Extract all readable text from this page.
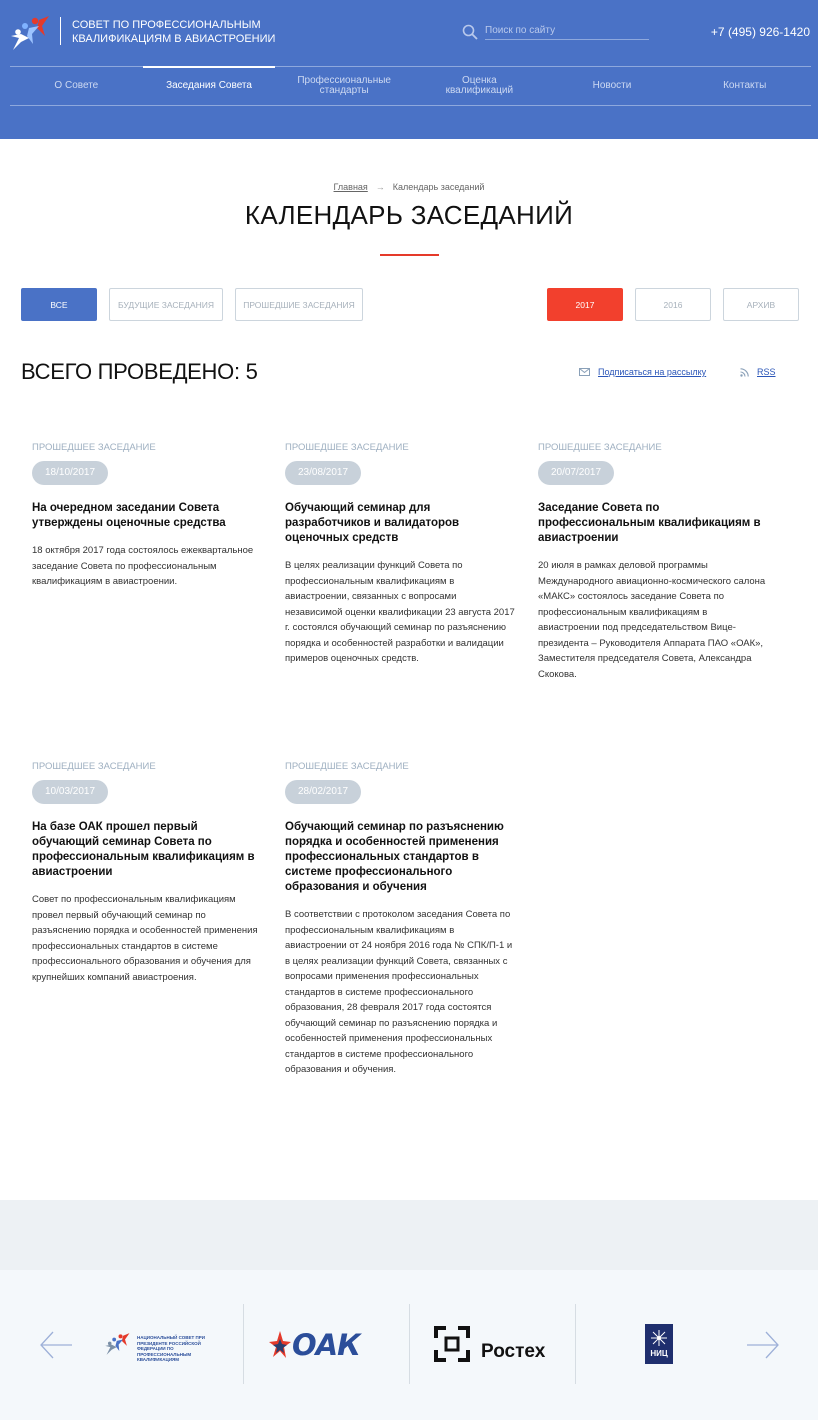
СОВЕТ ПО ПРОФЕССИОНАЛЬНЫМ КВАЛИФИКАЦИЯМ В АВИАСТРОЕНИИ
Поиск по сайту	+7 (495) 926-1420
О Совете	Заседания Совета	Профессиональные стандарты
Оценка квалификаций	Новости	Контакты
Главная → Календарь заседаний
КАЛЕНДАРЬ ЗАСЕДАНИЙ
ВСЕ	БУДУЩИЕ ЗАСЕДАНИЯ	ПРОШЕДШИЕ ЗАСЕДАНИЯ	2017	2016	АРХИВ
ВСЕГО ПРОВЕДЕНО: 5	Подписаться на рассылку	RSS
ПРОШЕДШЕЕ ЗАСЕДАНИЕ
18/10/2017
На очередном заседании Совета утверждены оценочные средства
18 октября 2017 года состоялось ежеквартальное заседание Совета по профессиональным квалификациям в авиастроении.
ПРОШЕДШЕЕ ЗАСЕДАНИЕ
23/08/2017
Обучающий семинар для разработчиков и валидаторов оценочных средств
В целях реализации функций Совета по профессиональным квалификациям в авиастроении, связанных с вопросами независимой оценки квалификации 23 августа 2017 г. состоялся обучающий семинар по разъяснению порядка и особенностей разработки и валидации примеров оценочных средств.
ПРОШЕДШЕЕ ЗАСЕДАНИЕ
20/07/2017
Заседание Совета по профессиональным квалификациям в авиастроении
20 июля в рамках деловой программы Международного авиационно-космического салона «МАКС» состоялось заседание Совета по профессиональным квалификациям в авиастроении под председательством Вице-президента – Руководителя Аппарата ПАО «ОАК», Заместителя председателя Совета, Александра Скокова.
ПРОШЕДШЕЕ ЗАСЕДАНИЕ
10/03/2017
На базе ОАК прошел первый обучающий семинар Совета по профессиональным квалификациям в авиастроении
Совет по профессиональным квалификациям провел первый обучающий семинар по разъяснению порядка и особенностей применения профессиональных стандартов в системе профессионального образования и обучения для крупнейших компаний авиастроения.
ПРОШЕДШЕЕ ЗАСЕДАНИЕ
28/02/2017
Обучающий семинар по разъяснению порядка и особенностей применения профессиональных стандартов в системе профессионального образования и обучения
В соответствии с протоколом заседания Совета по профессиональным квалификациям в авиастроении от 24 ноября 2016 года № СПК/П-1 и в целях реализации функций Совета, связанных с вопросами применения профессиональных стандартов в системе профессионального образования, 28 февраля 2017 года состоятся обучающий семинар по разъяснению порядка и особенностей применения профессиональных стандартов в системе профессионального образования и обучения.
НАЦИОНАЛЬНЫЙ СОВЕТ ПРИ ПРЕЗИДЕНТЕ РОССИЙСКОЙ ФЕДЕРАЦИИ ПО ПРОФЕССИОНАЛЬНЫМ КВАЛИФИКАЦИЯМ	ОАК	Ростех	НИЦ
